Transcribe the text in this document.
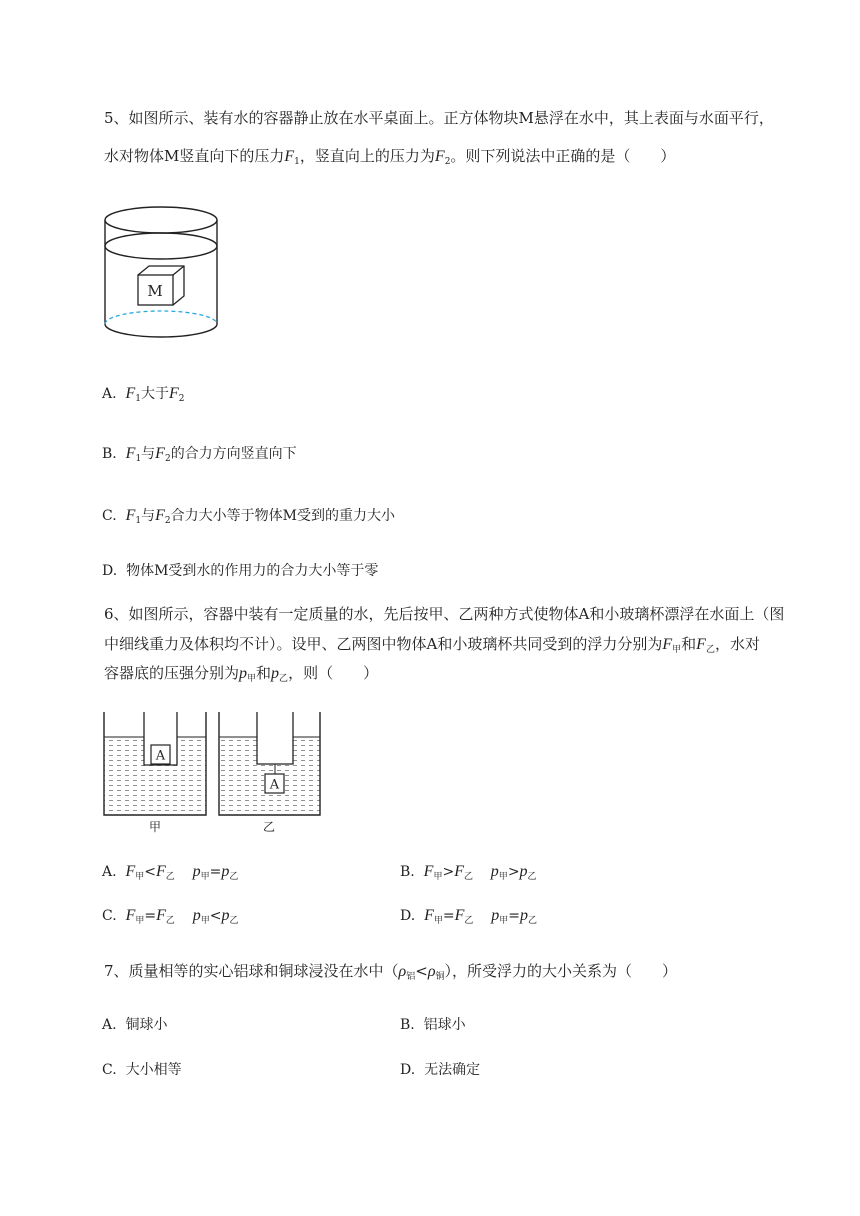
5、如图所示、装有水的容器静止放在水平桌面上。正方体物块M悬浮在水中，其上表面与水面平行，
水对物体M竖直向下的压力$F_1$，竖直向上的压力为$F_2$。则下列说法中正确的是（　　）
M
A. $F_1$大于$F_2$
B. $F_1$与$F_2$的合力方向竖直向下
C. $F_1$与$F_2$合力大小等于物体M受到的重力大小
D. 物体M受到水的作用力的合力大小等于零
6、如图所示，容器中装有一定质量的水，先后按甲、乙两种方式使物体A和小玻璃杯漂浮在水面上（图
中细线重力及体积均不计）。设甲、乙两图中物体A和小玻璃杯共同受到的浮力分别为$F_甲$和$F_乙$，水对
容器底的压强分别为$p_甲$和$p_乙$，则（　　）
A
甲
A
乙
A. $F_甲<F_乙$ $p_甲=p_乙$	B. $F_甲>F_乙$ $p_甲>p_乙$
C. $F_甲=F_乙$ $p_甲<p_乙$	D. $F_甲=F_乙$ $p_甲=p_乙$
7、质量相等的实心铝球和铜球浸没在水中$(\rho_铝<\rho_铜)$，所受浮力的大小关系为（　　）
A. 铜球小	B. 铝球小
C. 大小相等	D. 无法确定
